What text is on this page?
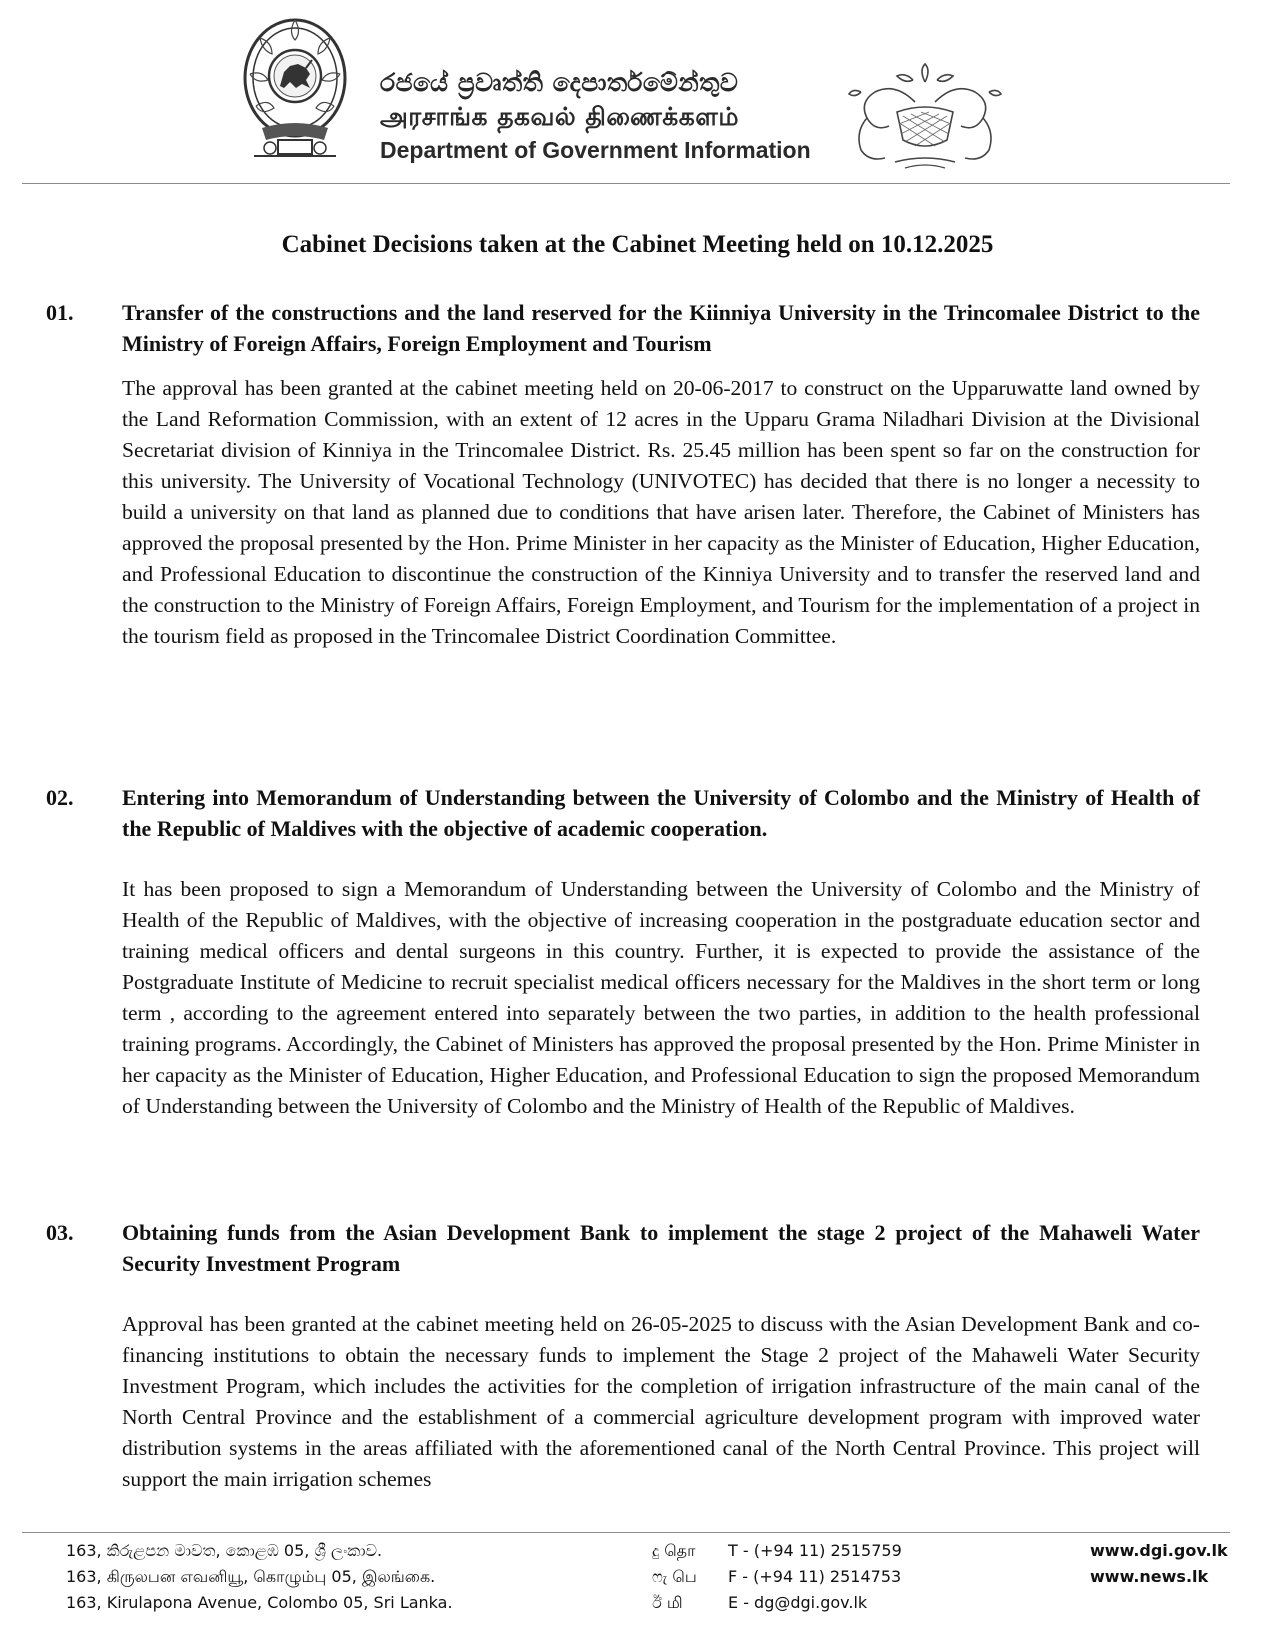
රජයේ ප්‍රවෘත්ති දෙපාර්තමේන්තුව
அரசாங்க தகவல் திணைக்களம்
Department of Government Information
Cabinet Decisions taken at the Cabinet Meeting held on 10.12.2025
01. Transfer of the constructions and the land reserved for the Kiinniya University in the Trincomalee District to the Ministry of Foreign Affairs, Foreign Employment and Tourism
The approval has been granted at the cabinet meeting held on 20-06-2017 to construct on the Upparuwatte land owned by the Land Reformation Commission, with an extent of 12 acres in the Upparu Grama Niladhari Division at the Divisional Secretariat division of Kinniya in the Trincomalee District. Rs. 25.45 million has been spent so far on the construction for this university. The University of Vocational Technology (UNIVOTEC) has decided that there is no longer a necessity to build a university on that land as planned due to conditions that have arisen later. Therefore, the Cabinet of Ministers has approved the proposal presented by the Hon. Prime Minister in her capacity as the Minister of Education, Higher Education, and Professional Education to discontinue the construction of the Kinniya University and to transfer the reserved land and the construction to the Ministry of Foreign Affairs, Foreign Employment, and Tourism for the implementation of a project in the tourism field as proposed in the Trincomalee District Coordination Committee.
02. Entering into Memorandum of Understanding between the University of Colombo and the Ministry of Health of the Republic of Maldives with the objective of academic cooperation.
It has been proposed to sign a Memorandum of Understanding between the University of Colombo and the Ministry of Health of the Republic of Maldives, with the objective of increasing cooperation in the postgraduate education sector and training medical officers and dental surgeons in this country. Further, it is expected to provide the assistance of the Postgraduate Institute of Medicine to recruit specialist medical officers necessary for the Maldives in the short term or long term , according to the agreement entered into separately between the two parties, in addition to the health professional training programs. Accordingly, the Cabinet of Ministers has approved the proposal presented by the Hon. Prime Minister in her capacity as the Minister of Education, Higher Education, and Professional Education to sign the proposed Memorandum of Understanding between the University of Colombo and the Ministry of Health of the Republic of Maldives.
03. Obtaining funds from the Asian Development Bank to implement the stage 2 project of the Mahaweli Water Security Investment Program
Approval has been granted at the cabinet meeting held on 26-05-2025 to discuss with the Asian Development Bank and co-financing institutions to obtain the necessary funds to implement the Stage 2 project of the Mahaweli Water Security Investment Program, which includes the activities for the completion of irrigation infrastructure of the main canal of the North Central Province and the establishment of a commercial agriculture development program with improved water distribution systems in the areas affiliated with the aforementioned canal of the North Central Province. This project will support the main irrigation schemes
163, කිරුළපන මාවත, කොළඹ 05, ශ්‍රී ලංකාව.
163, கிருலபன எவனியூ, கொழும்பு 05, இலங்கை.
163, Kirulapona Avenue, Colombo 05, Sri Lanka.
දු தொ	T - (+94 11) 2515759
ෆැ பெ	F - (+94 11) 2514753
ඊ மி	E - dg@dgi.gov.lk
www.dgi.gov.lk
www.news.lk
